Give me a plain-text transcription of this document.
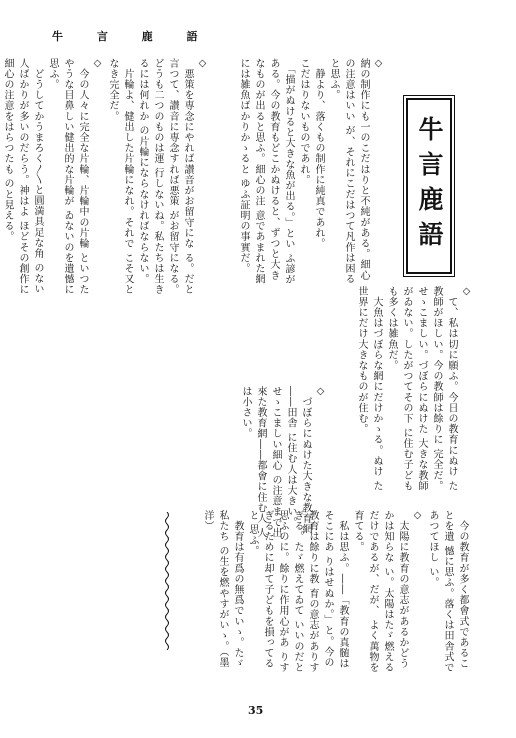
牛 言 鹿 語
牛言鹿語
◇
納の制作にも一のこだはりと不純がある。細心の注意はいい が、それにこだはつて凡作は困ると思ふ。
　静より、落くもの制作に純真であれ。
こだはりないものであれ。
　「描がぬけると大きな魚が出る。」とい ふ諺がある。今の教育もどこかぬけると、ずつと大きなものが出ると思ふ。細心の注 意であまれた網には雑魚ばかりかゝると ゆふ証明の事實だ。
◇
　悪策を専念にやれば讃音がお留守にな る。だと言つて、讃音に専念すれば悪策 がお留守になる。どうも二つのものは運 行しないね。私たちは生きるには何れか の片輪にならなければならない。
　片輪よ、健出した片輪になれ。それで こそ又となき完全だ。
◇
　今の人々に完全な片輪、片輪中の片輪 といつたやうな目鼻しい健出的な片輪が ゐないのを遺憾に思ふ。
　どうしてかうまろく〳〵と圓満具足な角 のない人ばかりが多いのだらう。神はよ ほどその創作に細心の注意をはらつたも のと見える。

◇
　て、私は切に願ふ。今日の教育にぬけ た教師がほしい。今の教師は餘りに 完全だ。せゝこましい。づぼらにぬけた 大きな教師がゐない。したがつてその下 に住む子どもも多くは雑魚だ。
　大魚はづぼらな網にだけかゝる。ぬけ た世界にだけ大きなものが住む。
◇
　づぼらにぬけた大きな教育網――田舎 に住む人は大きい。せゝこましい細心 の注意まで出來た教育網――都會に住む人 人は小さい。
　今の教育が多く都會式であることを遺 憾に思ふ。落くは田舎式であつてほし い。
◇
　太陽に教育の意志があるかどうかは知らな い。太陽はたゞ燃えるだけであるが、だが、 よく萬物を育てる。
　私は思ふ。――「教育の真髄はそこにあ りはせぬか。」と。今の教育は餘りに教 育の意志がありすぎる。たゞ燃えてゐて いいのだと思ふのに。餘りに作用心があ りすぎるために却て子どもを損ってると 思ふ。
　教育は有爲の無爲でいゝ。たゞ私たち の生を燃やすがいゝ。（墨洋）
35
